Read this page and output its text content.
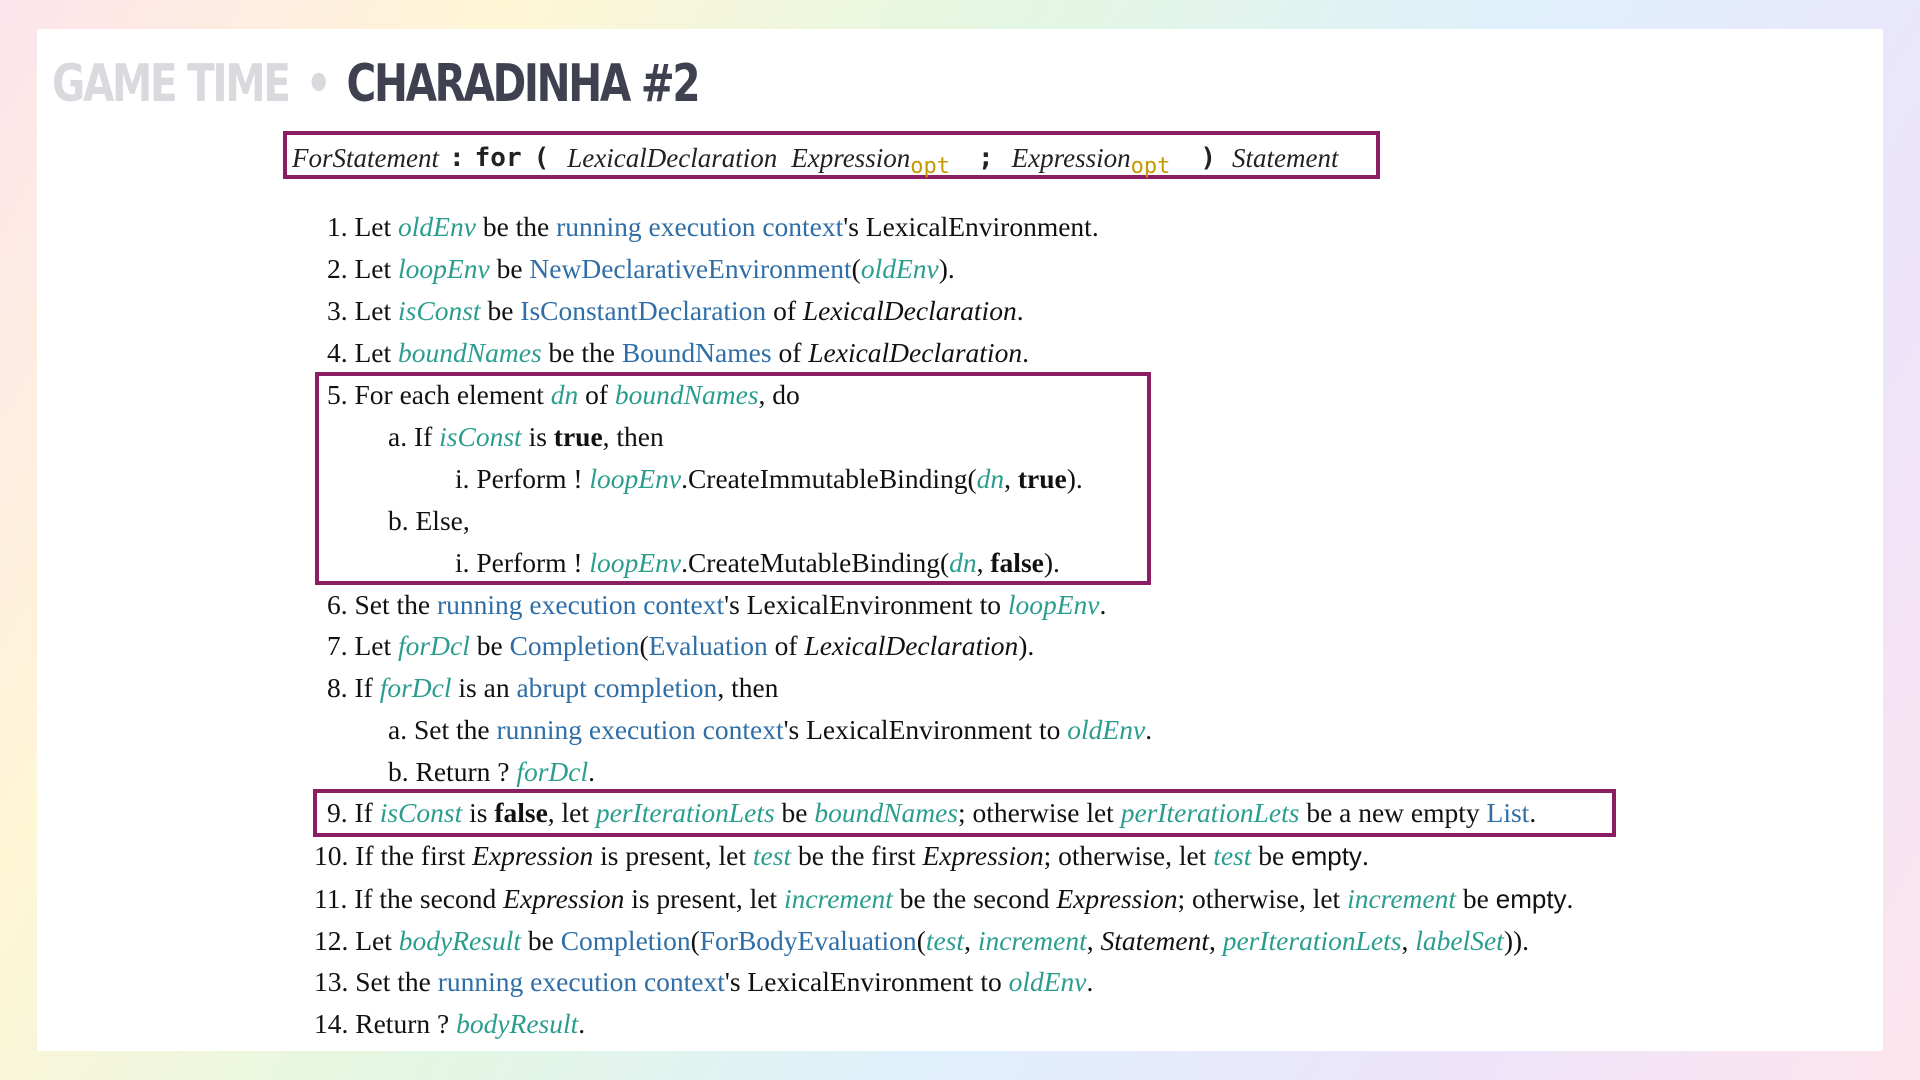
GAME TIME • CHARADINHA #2
ForStatement : for ( LexicalDeclaration Expression opt ; Expression opt ) Statement
1. Let oldEnv be the running execution context's LexicalEnvironment.
2. Let loopEnv be NewDeclarativeEnvironment(oldEnv).
3. Let isConst be IsConstantDeclaration of LexicalDeclaration.
4. Let boundNames be the BoundNames of LexicalDeclaration.
5. For each element dn of boundNames, do
a. If isConst is true, then
i. Perform ! loopEnv.CreateImmutableBinding(dn, true).
b. Else,
i. Perform ! loopEnv.CreateMutableBinding(dn, false).
6. Set the running execution context's LexicalEnvironment to loopEnv.
7. Let forDcl be Completion(Evaluation of LexicalDeclaration).
8. If forDcl is an abrupt completion, then
a. Set the running execution context's LexicalEnvironment to oldEnv.
b. Return ? forDcl.
9. If isConst is false, let perIterationLets be boundNames; otherwise let perIterationLets be a new empty List.
10. If the first Expression is present, let test be the first Expression; otherwise, let test be empty.
11. If the second Expression is present, let increment be the second Expression; otherwise, let increment be empty.
12. Let bodyResult be Completion(ForBodyEvaluation(test, increment, Statement, perIterationLets, labelSet)).
13. Set the running execution context's LexicalEnvironment to oldEnv.
14. Return ? bodyResult.
